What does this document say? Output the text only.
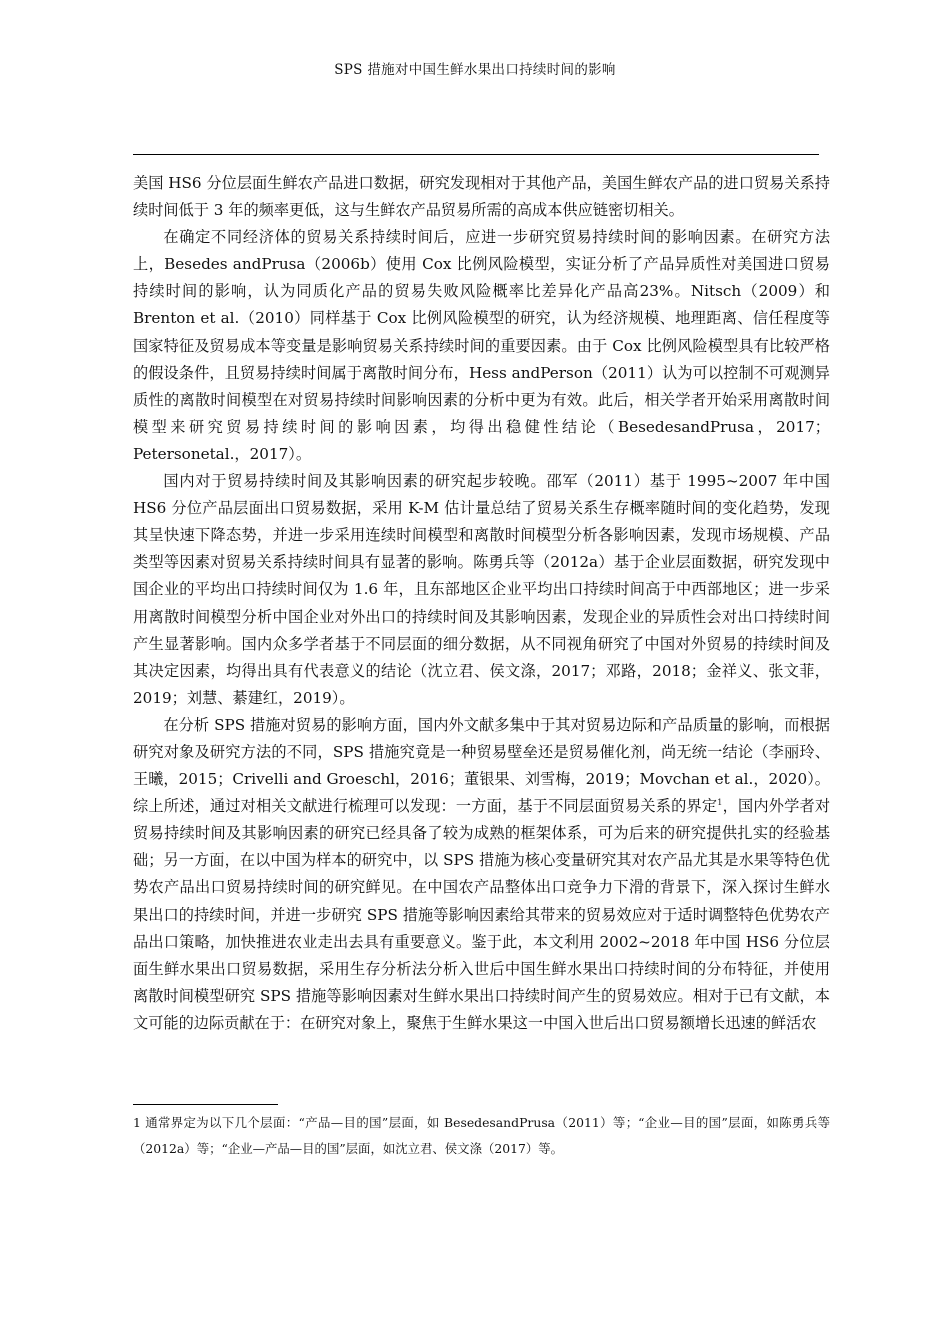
SPS 措施对中国生鲜水果出口持续时间的影响

美国 HS6 分位层面生鲜农产品进口数据，研究发现相对于其他产品，美国生鲜农产品的进口贸易关系持续时间低于 3 年的频率更低，这与生鲜农产品贸易所需的高成本供应链密切相关。

在确定不同经济体的贸易关系持续时间后，应进一步研究贸易持续时间的影响因素。在研究方法上，Besedes andPrusa（2006b）使用 Cox 比例风险模型，实证分析了产品异质性对美国进口贸易持续时间的影响，认为同质化产品的贸易失败风险概率比差异化产品高23%。Nitsch（2009）和 Brenton et al.（2010）同样基于 Cox 比例风险模型的研究，认为经济规模、地理距离、信任程度等国家特征及贸易成本等变量是影响贸易关系持续时间的重要因素。由于 Cox 比例风险模型具有比较严格的假设条件，且贸易持续时间属于离散时间分布，Hess andPerson（2011）认为可以控制不可观测异质性的离散时间模型在对贸易持续时间影响因素的分析中更为有效。此后，相关学者开始采用离散时间模型来研究贸易持续时间的影响因素，均得出稳健性结论（BesedesandPrusa，2017；Petersonetal.，2017）。

国内对于贸易持续时间及其影响因素的研究起步较晚。邵军（2011）基于 1995~2007 年中国 HS6 分位产品层面出口贸易数据，采用 K-M 估计量总结了贸易关系生存概率随时间的变化趋势，发现其呈快速下降态势，并进一步采用连续时间模型和离散时间模型分析各影响因素，发现市场规模、产品类型等因素对贸易关系持续时间具有显著的影响。陈勇兵等（2012a）基于企业层面数据，研究发现中国企业的平均出口持续时间仅为 1.6 年，且东部地区企业平均出口持续时间高于中西部地区；进一步采用离散时间模型分析中国企业对外出口的持续时间及其影响因素，发现企业的异质性会对出口持续时间产生显著影响。国内众多学者基于不同层面的细分数据，从不同视角研究了中国对外贸易的持续时间及其决定因素，均得出具有代表意义的结论（沈立君、侯文涤，2017；邓路，2018；金祥义、张文菲，2019；刘慧、綦建红，2019）。

在分析 SPS 措施对贸易的影响方面，国内外文献多集中于其对贸易边际和产品质量的影响，而根据研究对象及研究方法的不同，SPS 措施究竟是一种贸易壁垒还是贸易催化剂，尚无统一结论（李丽玲、王曦，2015；Crivelli and Groeschl，2016；董银果、刘雪梅，2019；Movchan et al.，2020）。综上所述，通过对相关文献进行梳理可以发现：一方面，基于不同层面贸易关系的界定$^1$，国内外学者对贸易持续时间及其影响因素的研究已经具备了较为成熟的框架体系，可为后来的研究提供扎实的经验基础；另一方面，在以中国为样本的研究中，以 SPS 措施为核心变量研究其对农产品尤其是水果等特色优势农产品出口贸易持续时间的研究鲜见。在中国农产品整体出口竞争力下滑的背景下，深入探讨生鲜水果出口的持续时间，并进一步研究 SPS 措施等影响因素给其带来的贸易效应对于适时调整特色优势农产品出口策略，加快推进农业走出去具有重要意义。鉴于此，本文利用 2002~2018 年中国 HS6 分位层面生鲜水果出口贸易数据，采用生存分析法分析入世后中国生鲜水果出口持续时间的分布特征，并使用离散时间模型研究 SPS 措施等影响因素对生鲜水果出口持续时间产生的贸易效应。相对于已有文献，本文可能的边际贡献在于：在研究对象上，聚焦于生鲜水果这一中国入世后出口贸易额增长迅速的鲜活农

1 通常界定为以下几个层面：“产品—目的国”层面，如 BesedesandPrusa（2011）等；“企业—目的国”层面，如陈勇兵等（2012a）等；“企业—产品—目的国”层面，如沈立君、侯文涤（2017）等。
